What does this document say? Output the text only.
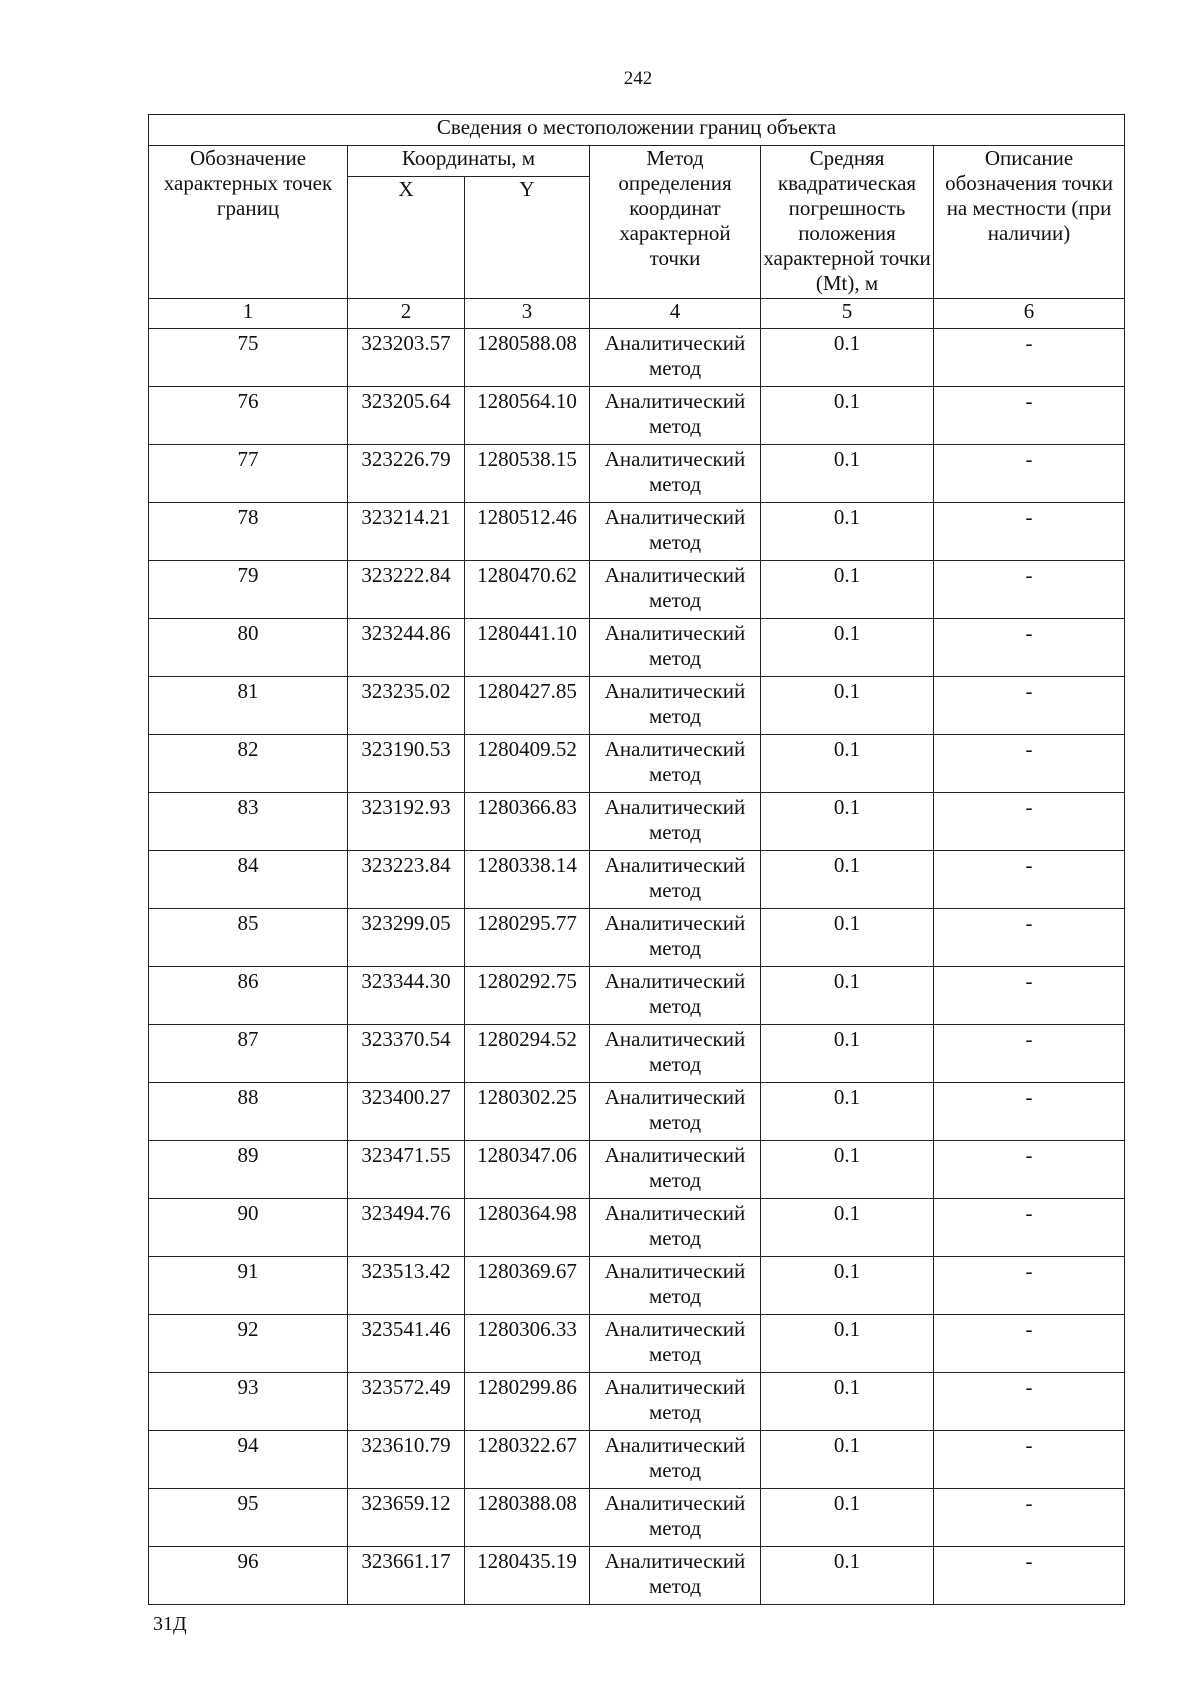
242
Сведения о местоположении границ объекта					
Обозначение характерных точек границ	Координаты, м		Метод определения координат характерной точки	Средняя квадратическая погрешность положения характерной точки (Mt), м	Описание обозначения точки на местности (при наличии)
	X	Y			
1	2	3	4	5	6
75	323203.57	1280588.08	Аналитический метод	0.1	-
76	323205.64	1280564.10	Аналитический метод	0.1	-
77	323226.79	1280538.15	Аналитический метод	0.1	-
78	323214.21	1280512.46	Аналитический метод	0.1	-
79	323222.84	1280470.62	Аналитический метод	0.1	-
80	323244.86	1280441.10	Аналитический метод	0.1	-
81	323235.02	1280427.85	Аналитический метод	0.1	-
82	323190.53	1280409.52	Аналитический метод	0.1	-
83	323192.93	1280366.83	Аналитический метод	0.1	-
84	323223.84	1280338.14	Аналитический метод	0.1	-
85	323299.05	1280295.77	Аналитический метод	0.1	-
86	323344.30	1280292.75	Аналитический метод	0.1	-
87	323370.54	1280294.52	Аналитический метод	0.1	-
88	323400.27	1280302.25	Аналитический метод	0.1	-
89	323471.55	1280347.06	Аналитический метод	0.1	-
90	323494.76	1280364.98	Аналитический метод	0.1	-
91	323513.42	1280369.67	Аналитический метод	0.1	-
92	323541.46	1280306.33	Аналитический метод	0.1	-
93	323572.49	1280299.86	Аналитический метод	0.1	-
94	323610.79	1280322.67	Аналитический метод	0.1	-
95	323659.12	1280388.08	Аналитический метод	0.1	-
96	323661.17	1280435.19	Аналитический метод	0.1	-
31Д
